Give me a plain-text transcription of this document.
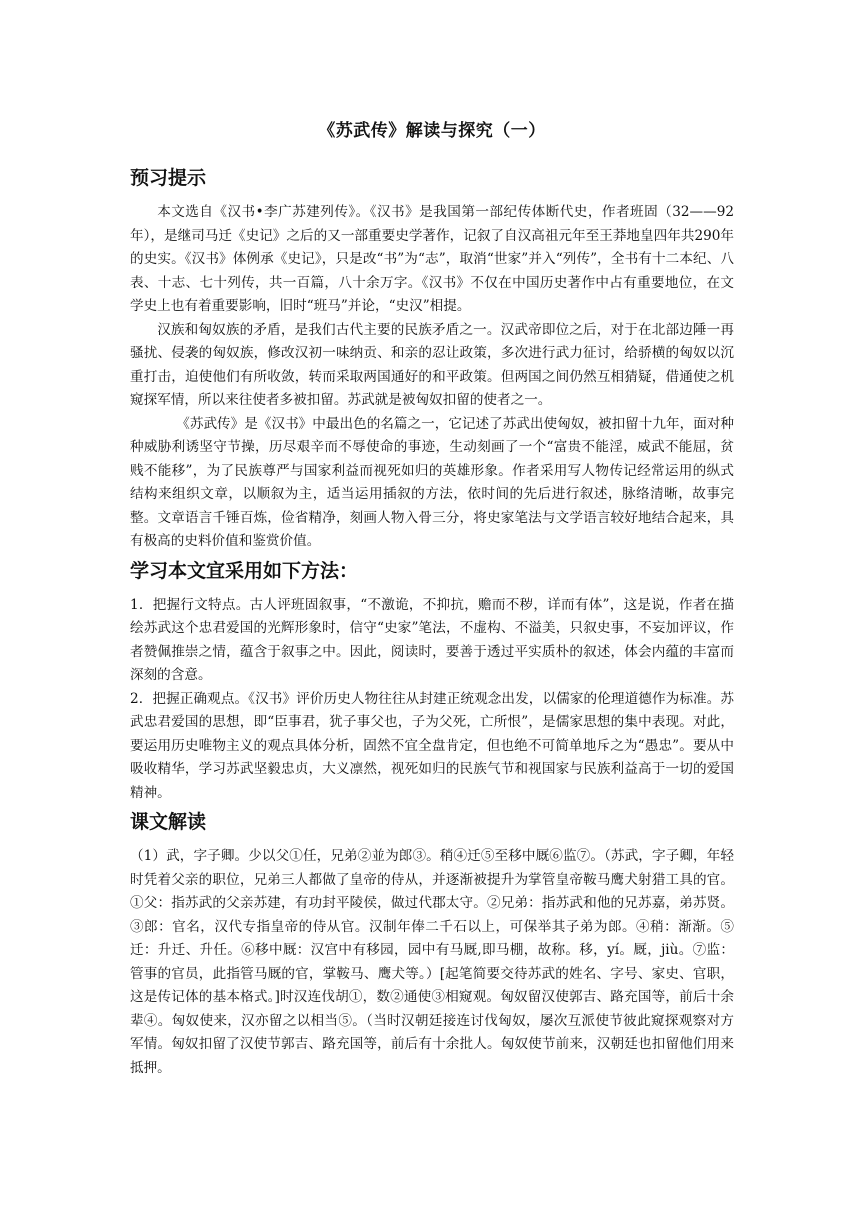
《苏武传》解读与探究（一）
预习提示

本文选自《汉书•李广苏建列传》。《汉书》是我国第一部纪传体断代史，作者班固（32——92年），是继司马迁《史记》之后的又一部重要史学著作，记叙了自汉高祖元年至王莽地皇四年共290年的史实。《汉书》体例承《史记》，只是改“书”为“志”，取消“世家”并入“列传”，全书有十二本纪、八表、十志、七十列传，共一百篇，八十余万字。《汉书》不仅在中国历史著作中占有重要地位，在文学史上也有着重要影响，旧时“班马”并论，“史汉”相提。

汉族和匈奴族的矛盾，是我们古代主要的民族矛盾之一。汉武帝即位之后，对于在北部边陲一再骚扰、侵袭的匈奴族，修改汉初一味纳贡、和亲的忍让政策，多次进行武力征讨，给骄横的匈奴以沉重打击，迫使他们有所收敛，转而采取两国通好的和平政策。但两国之间仍然互相猜疑，借通使之机窥探军情，所以来往使者多被扣留。苏武就是被匈奴扣留的使者之一。

《苏武传》是《汉书》中最出色的名篇之一，它记述了苏武出使匈奴，被扣留十九年，面对种种威胁利诱坚守节操，历尽艰辛而不辱使命的事迹，生动刻画了一个“富贵不能淫，威武不能屈，贫贱不能移”，为了民族尊严与国家利益而视死如归的英雄形象。作者采用写人物传记经常运用的纵式结构来组织文章，以顺叙为主，适当运用插叙的方法，依时间的先后进行叙述，脉络清晰，故事完整。文章语言千锤百炼，俭省精净，刻画人物入骨三分，将史家笔法与文学语言较好地结合起来，具有极高的史料价值和鉴赏价值。

学习本文宜采用如下方法：

1．把握行文特点。古人评班固叙事，“不激诡，不抑抗，赡而不秽，详而有体”，这是说，作者在描绘苏武这个忠君爱国的光辉形象时，信守“史家”笔法，不虚构、不溢美，只叙史事，不妄加评议，作者赞佩推崇之情，蕴含于叙事之中。因此，阅读时，要善于透过平实质朴的叙述，体会内蕴的丰富而深刻的含意。

2．把握正确观点。《汉书》评价历史人物往往从封建正统观念出发，以儒家的伦理道德作为标准。苏武忠君爱国的思想，即“臣事君，犹子事父也，子为父死，亡所恨”，是儒家思想的集中表现。对此，要运用历史唯物主义的观点具体分析，固然不宜全盘肯定，但也绝不可简单地斥之为“愚忠”。要从中吸收精华，学习苏武坚毅忠贞，大义凛然，视死如归的民族气节和视国家与民族利益高于一切的爱国精神。

课文解读

（1）武，字子卿。少以父①任，兄弟②並为郎③。稍④迁⑤至移中厩⑥监⑦。（苏武，字子卿，年轻时凭着父亲的职位，兄弟三人都做了皇帝的侍从，并逐渐被提升为掌管皇帝鞍马鹰犬射猎工具的官。①父：指苏武的父亲苏建，有功封平陵侯，做过代郡太守。②兄弟：指苏武和他的兄苏嘉，弟苏贤。③郎：官名，汉代专指皇帝的侍从官。汉制年俸二千石以上，可保举其子弟为郎。④稍：渐渐。⑤迁：升迁、升任。⑥移中厩：汉宫中有移园，园中有马厩,即马棚，故称。移，yí。厩，jiù。⑦监：管事的官员，此指管马厩的官，掌鞍马、鹰犬等。）[起笔简要交待苏武的姓名、字号、家史、官职，这是传记体的基本格式。]时汉连伐胡①，数②通使③相窥观。匈奴留汉使郭吉、路充国等，前后十余辈④。匈奴使来，汉亦留之以相当⑤。（当时汉朝廷接连讨伐匈奴，屡次互派使节彼此窥探观察对方军情。匈奴扣留了汉使节郭吉、路充国等，前后有十余批人。匈奴使节前来，汉朝廷也扣留他们用来抵押。
